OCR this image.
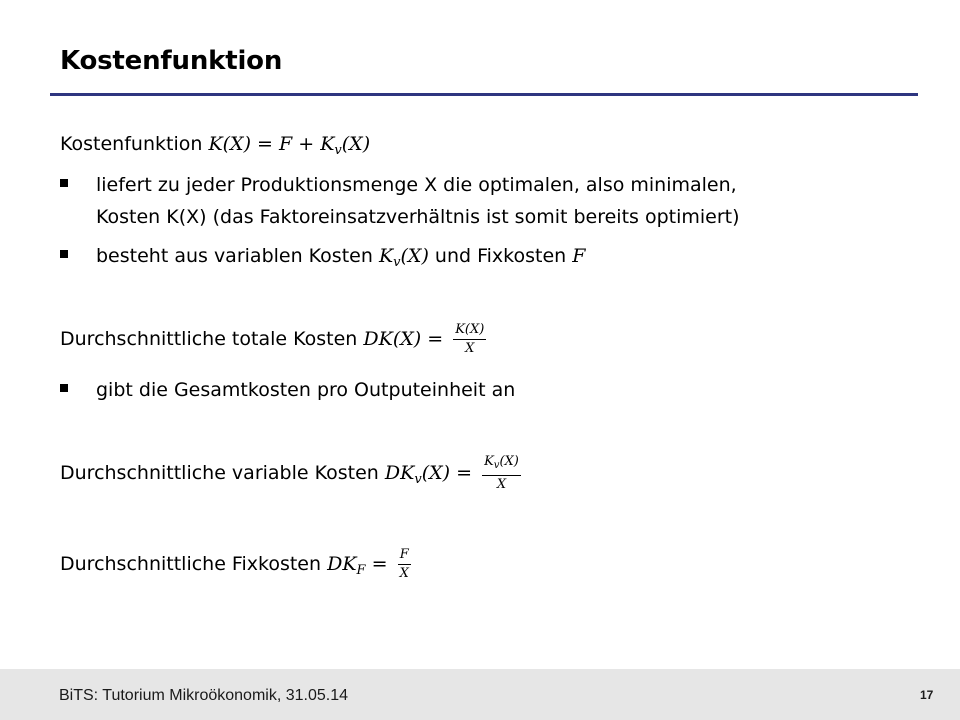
Kostenfunktion
Kostenfunktion $K(X) = F + K_v(X)$
liefert zu jeder Produktionsmenge X die optimalen, also minimalen,
Kosten K(X) (das Faktoreinsatzverhältnis ist somit bereits optimiert)
besteht aus variablen Kosten $K_v(X)$ und Fixkosten F
Durchschnittliche totale Kosten $DK(X) = \frac{K(X)}{X}$
gibt die Gesamtkosten pro Outputeinheit an
Durchschnittliche variable Kosten $DK_v(X) = \frac{K_v(X)}{X}$
Durchschnittliche Fixkosten $DK_F = \frac{F}{X}$
BiTS: Tutorium Mikroökonomik, 31.05.14	17
